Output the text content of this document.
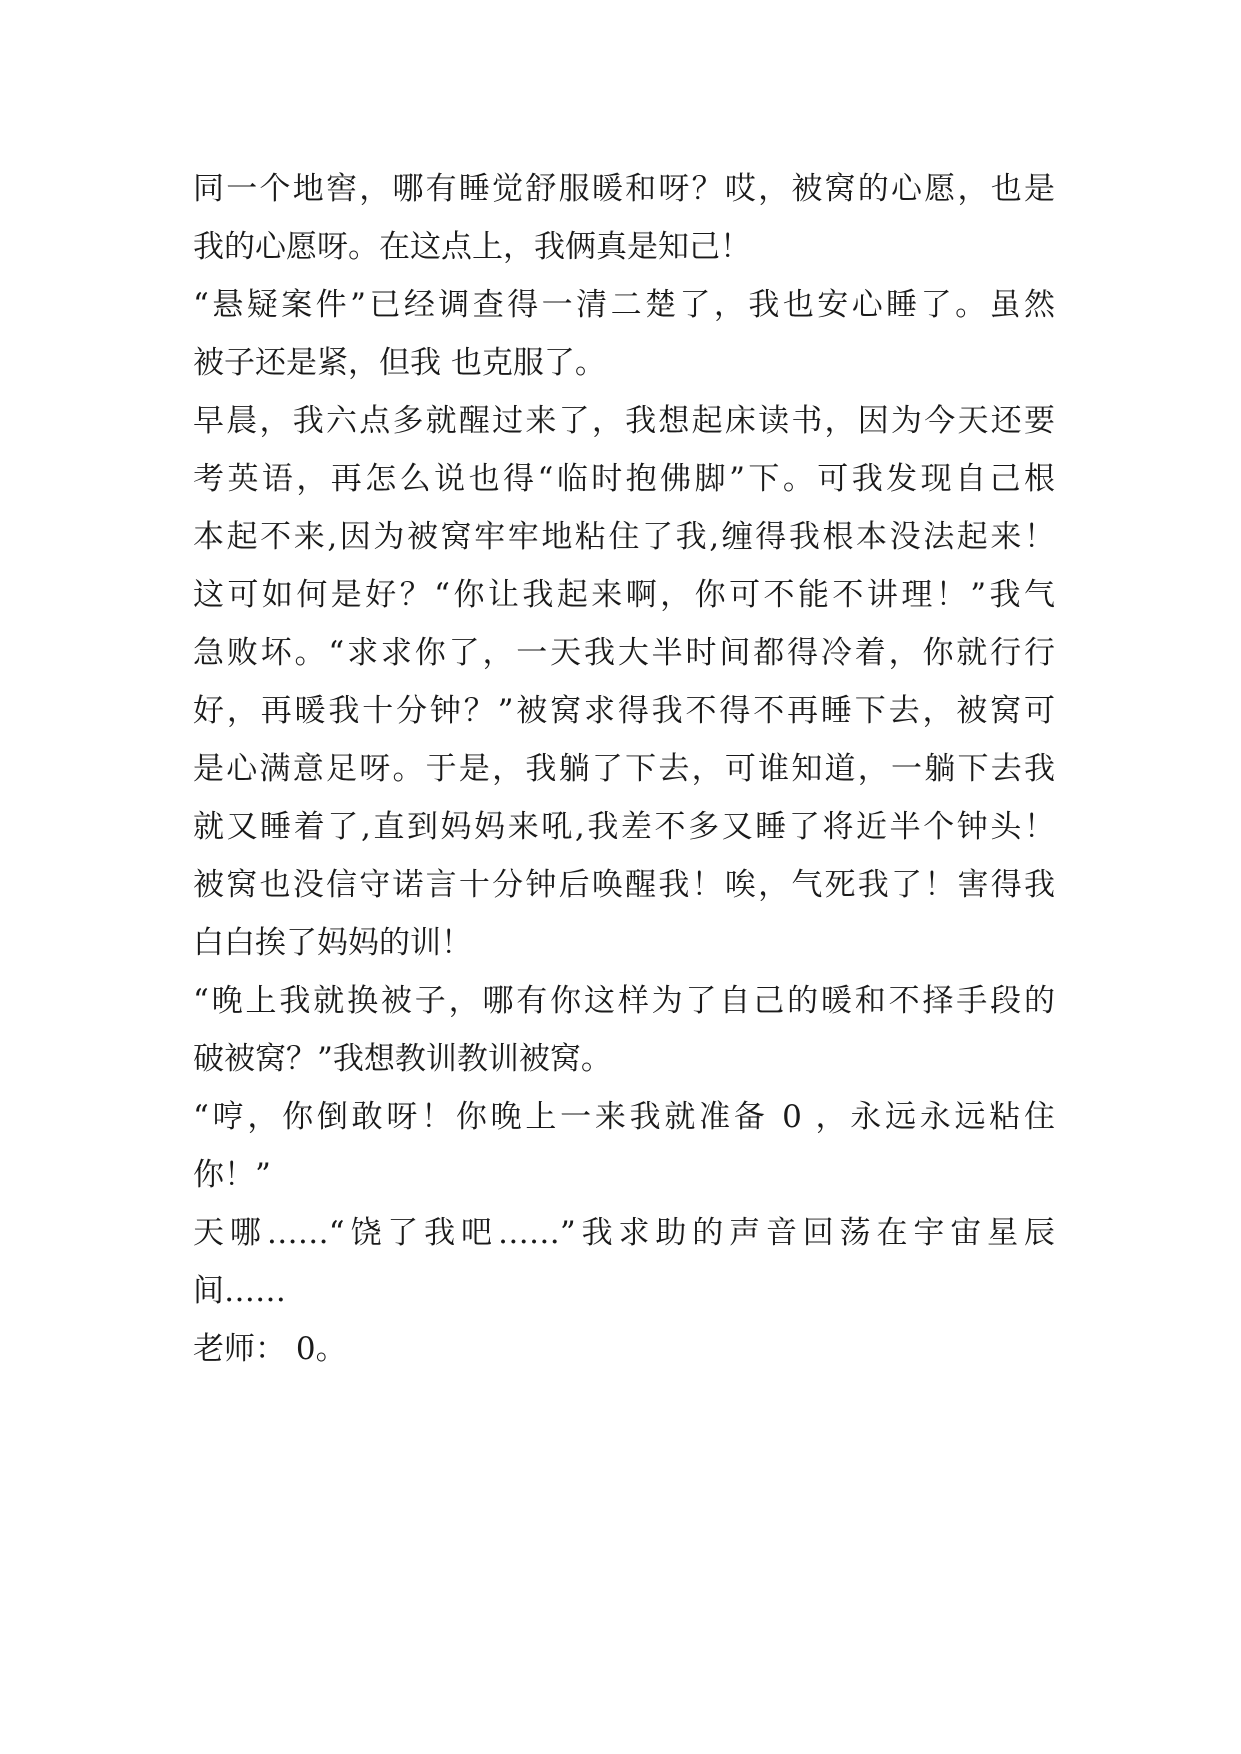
同一个地窖，哪有睡觉舒服暖和呀？哎，被窝的心愿，也是
我的心愿呀。在这点上，我俩真是知己！
“悬疑案件”已经调查得一清二楚了，我也安心睡了。虽然
被子还是紧，但我 也克服了。
早晨，我六点多就醒过来了，我想起床读书，因为今天还要
考英语，再怎么说也得“临时抱佛脚”下。可我发现自己根
本起不来,因为被窝牢牢地粘住了我,缠得我根本没法起来！
这可如何是好？“你让我起来啊，你可不能不讲理！”我气
急败坏。“求求你了，一天我大半时间都得冷着，你就行行
好，再暖我十分钟？”被窝求得我不得不再睡下去，被窝可
是心满意足呀。于是，我躺了下去，可谁知道，一躺下去我
就又睡着了,直到妈妈来吼,我差不多又睡了将近半个钟头！
被窝也没信守诺言十分钟后唤醒我！唉，气死我了！害得我
白白挨了妈妈的训！
“晚上我就换被子，哪有你这样为了自己的暖和不择手段的
破被窝？”我想教训教训被窝。
“哼，你倒敢呀！你晚上一来我就准备 0 ，永远永远粘住
你！”
天哪……“饶了我吧……”我求助的声音回荡在宇宙星辰
间……
老师： 0。
